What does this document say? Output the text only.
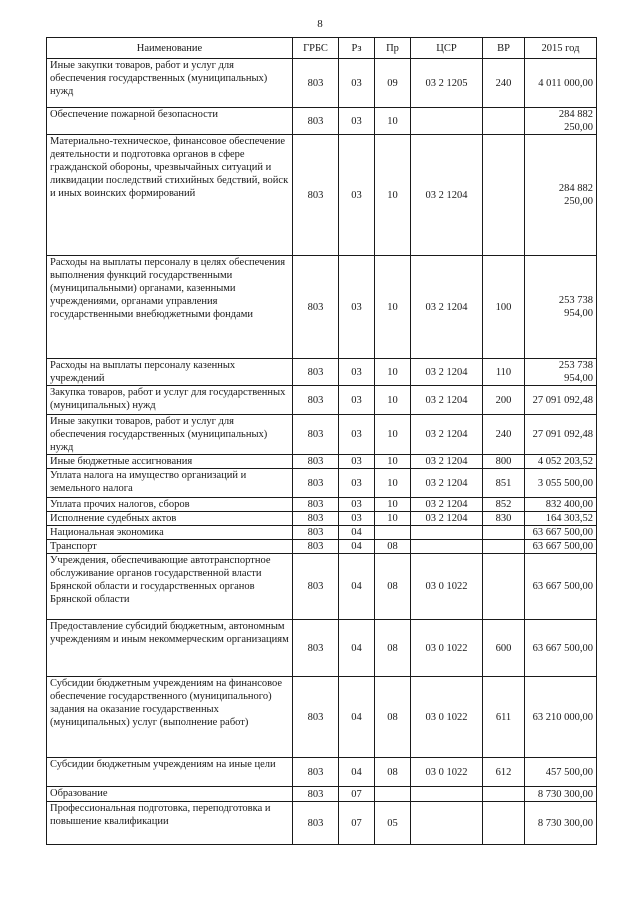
8
Наименование	ГРБС	Рз	Пр	ЦСР	ВР	2015 год
Иные закупки товаров, работ и услуг для обеспечения государственных (муниципальных) нужд	803	03	09	03 2 1205	240	4 011 000,00
Обеспечение пожарной безопасности	803	03	10			284 882 250,00
Материально-техническое, финансовое обеспечение деятельности и подготовка органов в сфере гражданской обороны, чрезвычайных ситуаций и ликвидации последствий стихийных бедствий, войск и иных воинских формирований	803	03	10	03 2 1204		284 882 250,00
Расходы на выплаты персоналу в целях обеспечения выполнения функций государственными (муниципальными) органами, казенными учреждениями, органами управления государственными внебюджетными фондами	803	03	10	03 2 1204	100	253 738 954,00
Расходы на выплаты персоналу казенных учреждений	803	03	10	03 2 1204	110	253 738 954,00
Закупка товаров, работ и услуг для государственных (муниципальных) нужд	803	03	10	03 2 1204	200	27 091 092,48
Иные закупки товаров, работ и услуг для обеспечения государственных (муниципальных) нужд	803	03	10	03 2 1204	240	27 091 092,48
Иные бюджетные ассигнования	803	03	10	03 2 1204	800	4 052 203,52
Уплата налога на имущество организаций и земельного налога	803	03	10	03 2 1204	851	3 055 500,00
Уплата прочих налогов, сборов	803	03	10	03 2 1204	852	832 400,00
Исполнение судебных актов	803	03	10	03 2 1204	830	164 303,52
Национальная экономика	803	04				63 667 500,00
Транспорт	803	04	08			63 667 500,00
Учреждения, обеспечивающие автотранспортное обслуживание органов государственной власти Брянской области и государственных органов Брянской области	803	04	08	03 0 1022		63 667 500,00
Предоставление субсидий бюджетным, автономным учреждениям и иным некоммерческим организациям	803	04	08	03 0 1022	600	63 667 500,00
Субсидии бюджетным учреждениям на финансовое обеспечение государственного (муниципального) задания на оказание государственных (муниципальных) услуг (выполнение работ)	803	04	08	03 0 1022	611	63 210 000,00
Субсидии бюджетным учреждениям на иные цели	803	04	08	03 0 1022	612	457 500,00
Образование	803	07				8 730 300,00
Профессиональная подготовка, переподготовка и повышение квалификации	803	07	05			8 730 300,00
